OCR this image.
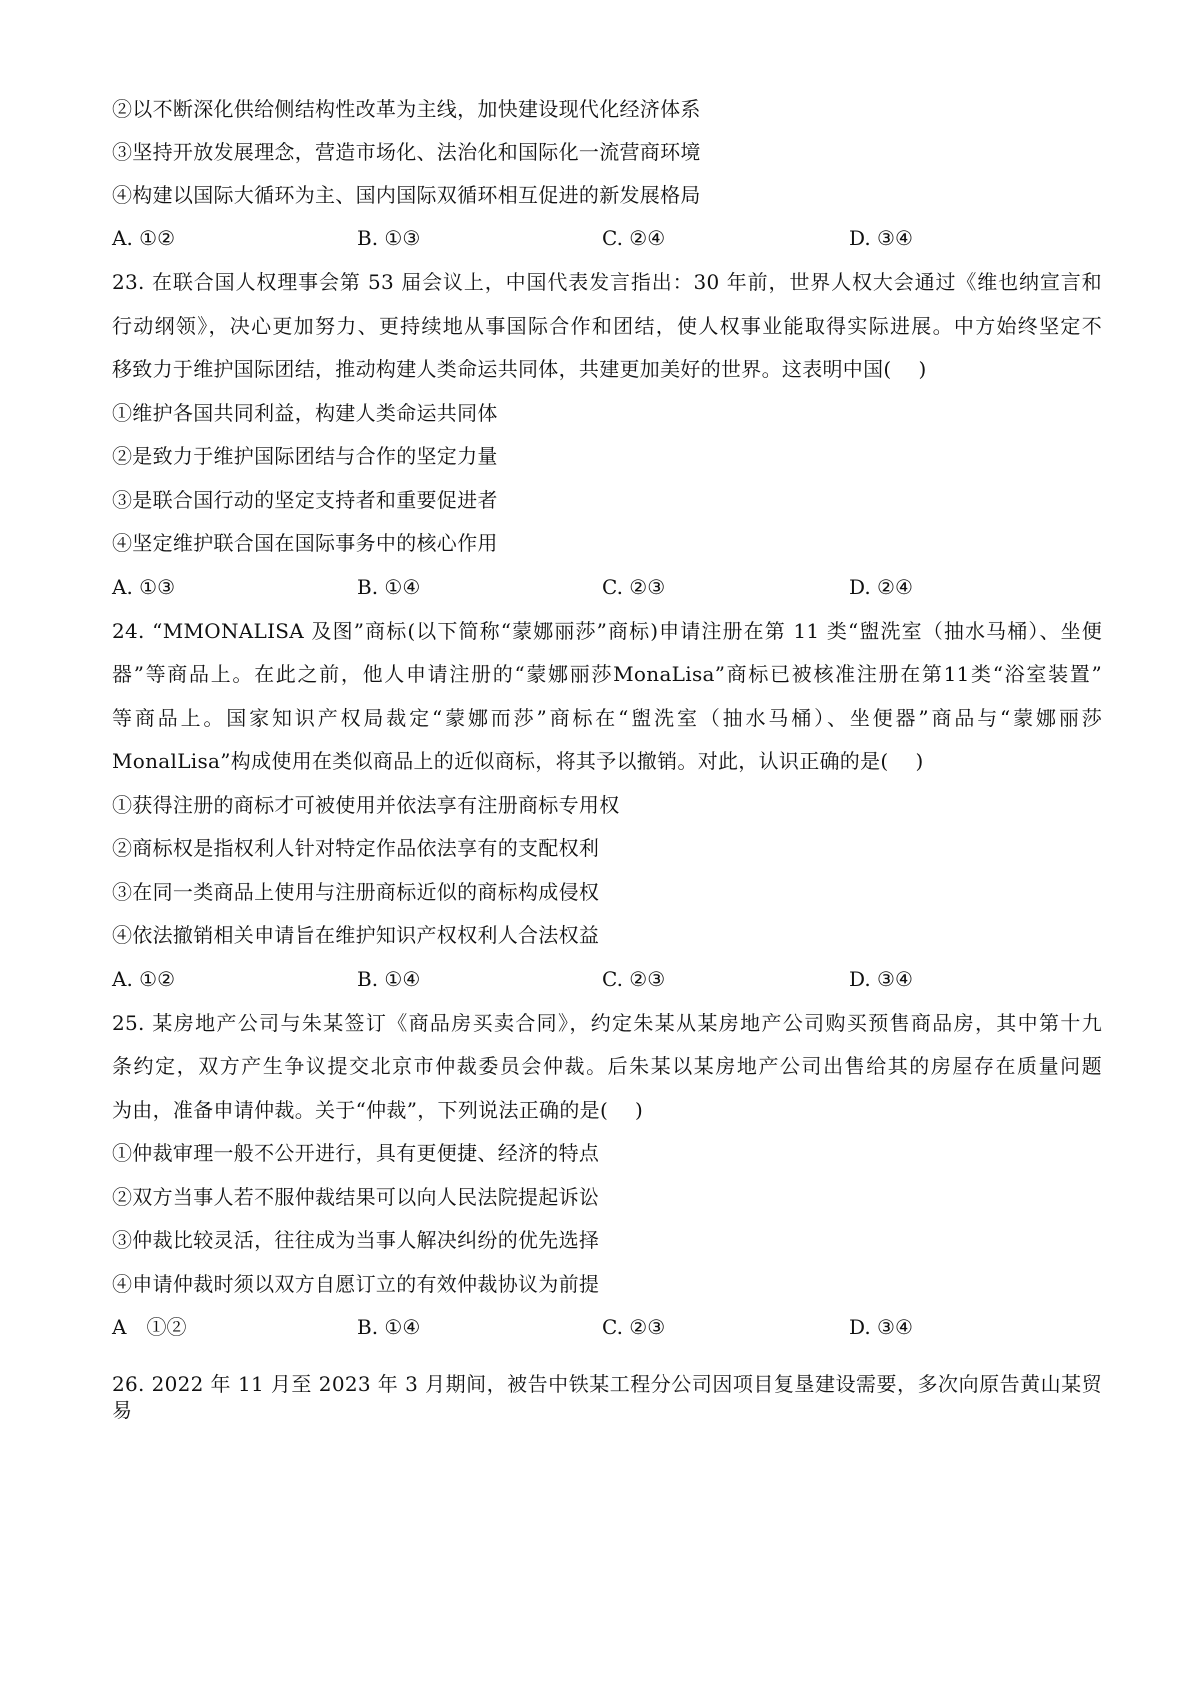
②以不断深化供给侧结构性改革为主线，加快建设现代化经济体系
③坚持开放发展理念，营造市场化、法治化和国际化一流营商环境
④构建以国际大循环为主、国内国际双循环相互促进的新发展格局
A. ①②	B. ①③	C. ②④	D. ③④
23. 在联合国人权理事会第 53 届会议上，中国代表发言指出：30 年前，世界人权大会通过《维也纳宣言和
行动纲领》，决心更加努力、更持续地从事国际合作和团结，使人权事业能取得实际进展。中方始终坚定不
移致力于维护国际团结，推动构建人类命运共同体，共建更加美好的世界。这表明中国(　 )
①维护各国共同利益，构建人类命运共同体
②是致力于维护国际团结与合作的坚定力量
③是联合国行动的坚定支持者和重要促进者
④坚定维护联合国在国际事务中的核心作用
A. ①③	B. ①④	C. ②③	D. ②④
24. “MMONALISA 及图”商标(以下简称“蒙娜丽莎”商标)申请注册在第 11 类“盥洗室（抽水马桶）、坐便
器”等商品上。在此之前，他人申请注册的“蒙娜丽莎MonaLisa”商标已被核准注册在第11类“浴室装置”
等商品上。国家知识产权局裁定“蒙娜而莎”商标在“盥洗室（抽水马桶）、坐便器”商品与“蒙娜丽莎
MonalLisa”构成使用在类似商品上的近似商标，将其予以撤销。对此，认识正确的是(　 )
①获得注册的商标才可被使用并依法享有注册商标专用权
②商标权是指权利人针对特定作品依法享有的支配权利
③在同一类商品上使用与注册商标近似的商标构成侵权
④依法撤销相关申请旨在维护知识产权权利人合法权益
A. ①②	B. ①④	C. ②③	D. ③④
25. 某房地产公司与朱某签订《商品房买卖合同》，约定朱某从某房地产公司购买预售商品房，其中第十九
条约定，双方产生争议提交北京市仲裁委员会仲裁。后朱某以某房地产公司出售给其的房屋存在质量问题
为由，准备申请仲裁。关于“仲裁”，下列说法正确的是(　 )
①仲裁审理一般不公开进行，具有更便捷、经济的特点
②双方当事人若不服仲裁结果可以向人民法院提起诉讼
③仲裁比较灵活，往往成为当事人解决纠纷的优先选择
④申请仲裁时须以双方自愿订立的有效仲裁协议为前提
A　①②	B. ①④	C. ②③	D. ③④
26. 2022 年 11 月至 2023 年 3 月期间，被告中铁某工程分公司因项目复垦建设需要，多次向原告黄山某贸易
